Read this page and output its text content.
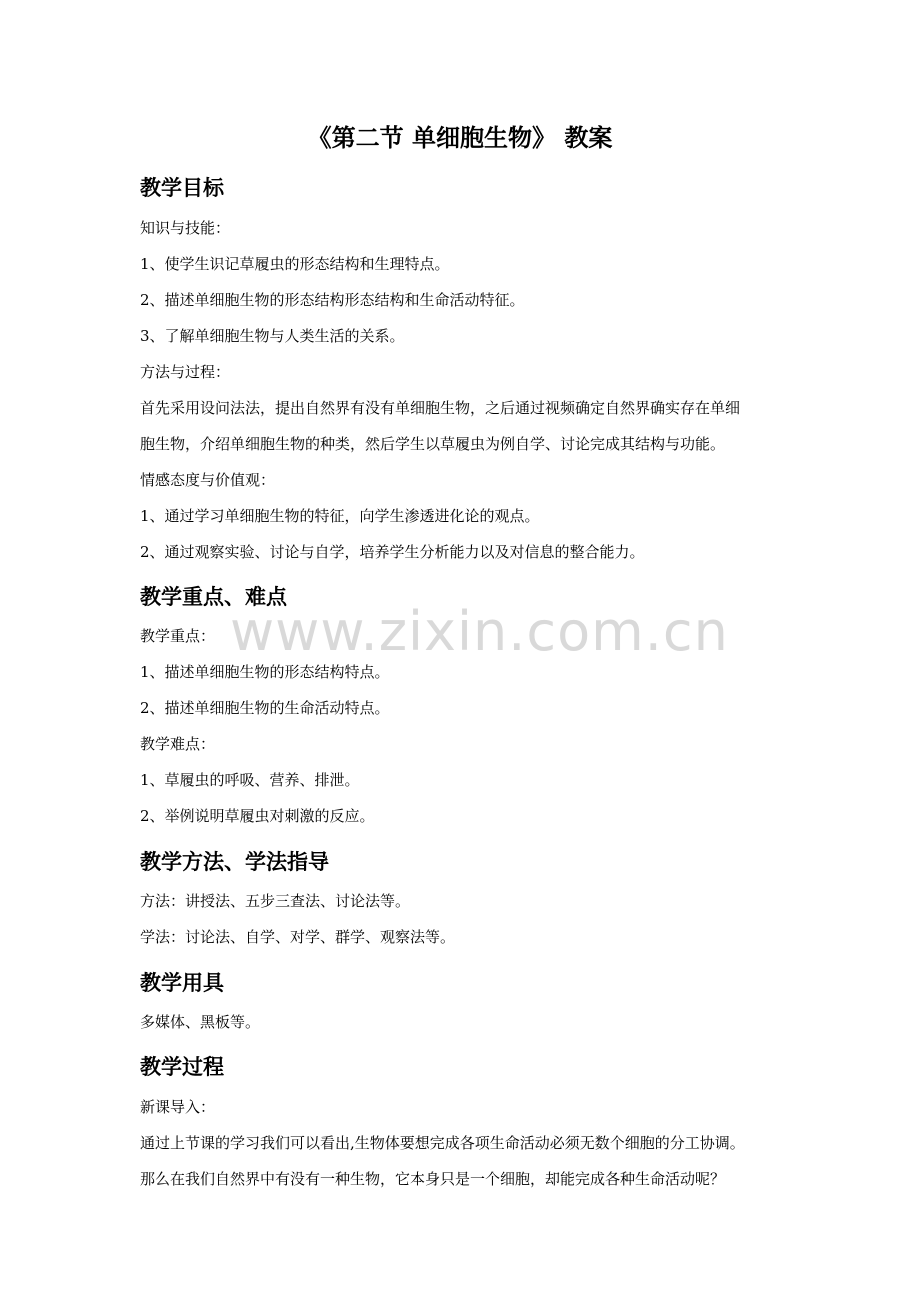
www.zixin.com.cn
《第二节 单细胞生物》 教案
教学目标
知识与技能：
1、使学生识记草履虫的形态结构和生理特点。
2、描述单细胞生物的形态结构形态结构和生命活动特征。
3、了解单细胞生物与人类生活的关系。
方法与过程：
首先采用设问法法，提出自然界有没有单细胞生物，之后通过视频确定自然界确实存在单细
胞生物，介绍单细胞生物的种类，然后学生以草履虫为例自学、讨论完成其结构与功能。
情感态度与价值观：
1、通过学习单细胞生物的特征，向学生渗透进化论的观点。
2、通过观察实验、讨论与自学，培养学生分析能力以及对信息的整合能力。
教学重点、难点
教学重点：
1、描述单细胞生物的形态结构特点。
2、描述单细胞生物的生命活动特点。
教学难点：
1、草履虫的呼吸、营养、排泄。
2、举例说明草履虫对刺激的反应。
教学方法、学法指导
方法：讲授法、五步三查法、讨论法等。
学法：讨论法、自学、对学、群学、观察法等。
教学用具
多媒体、黑板等。
教学过程
新课导入：
通过上节课的学习我们可以看出,生物体要想完成各项生命活动必须无数个细胞的分工协调。
那么在我们自然界中有没有一种生物，它本身只是一个细胞，却能完成各种生命活动呢？
